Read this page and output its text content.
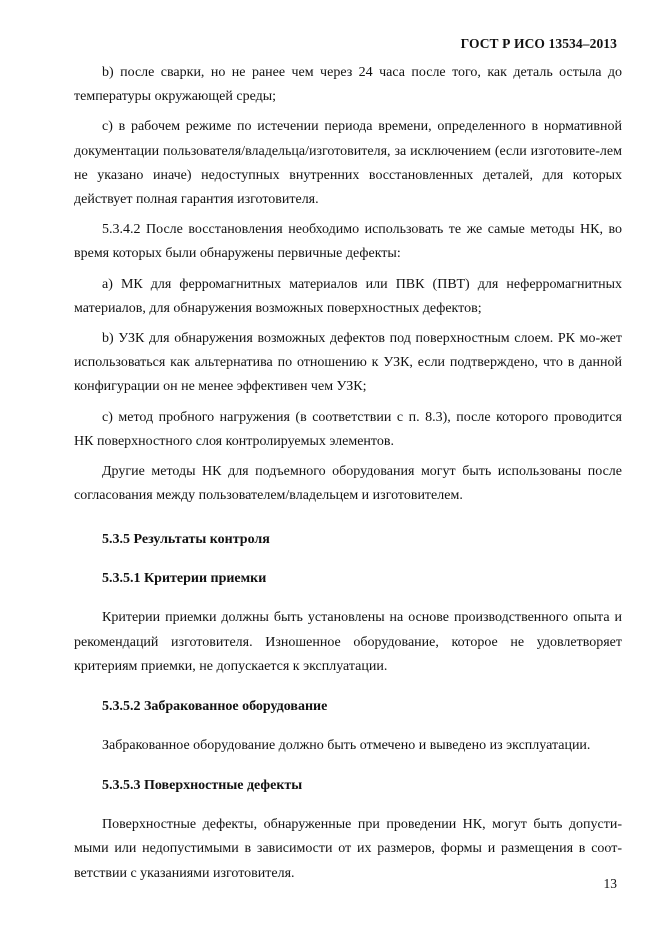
ГОСТ Р ИСО 13534–2013

b) после сварки, но не ранее чем через 24 часа после того, как деталь остыла до температуры окружающей среды;

c) в рабочем режиме по истечении периода времени, определенного в нормативной документации пользователя/владельца/изготовителя, за исключением (если изготовите-лем не указано иначе) недоступных внутренних восстановленных деталей, для которых действует полная гарантия изготовителя.

5.3.4.2 После восстановления необходимо использовать те же самые методы НК, во время которых были обнаружены первичные дефекты:

a) МК для ферромагнитных материалов или ПВК (ПВТ) для неферромагнитных материалов, для обнаружения возможных поверхностных дефектов;

b) УЗК для обнаружения возможных дефектов под поверхностным слоем. РК мо-жет использоваться как альтернатива по отношению к УЗК, если подтверждено, что в данной конфигурации он не менее эффективен чем УЗК;

c) метод пробного нагружения (в соответствии с п. 8.3), после которого проводится НК поверхностного слоя контролируемых элементов.

Другие методы НК для подъемного оборудования могут быть использованы после согласования между пользователем/владельцем и изготовителем.

5.3.5 Результаты контроля
5.3.5.1 Критерии приемки

Критерии приемки должны быть установлены на основе производственного опыта и рекомендаций изготовителя. Изношенное оборудование, которое не удовлетворяет критериям приемки, не допускается к эксплуатации.

5.3.5.2 Забракованное оборудование

Забракованное оборудование должно быть отмечено и выведено из эксплуатации.

5.3.5.3 Поверхностные дефекты

Поверхностные дефекты, обнаруженные при проведении НК, могут быть допусти-мыми или недопустимыми в зависимости от их размеров, формы и размещения в соот-ветствии с указаниями изготовителя.

13
